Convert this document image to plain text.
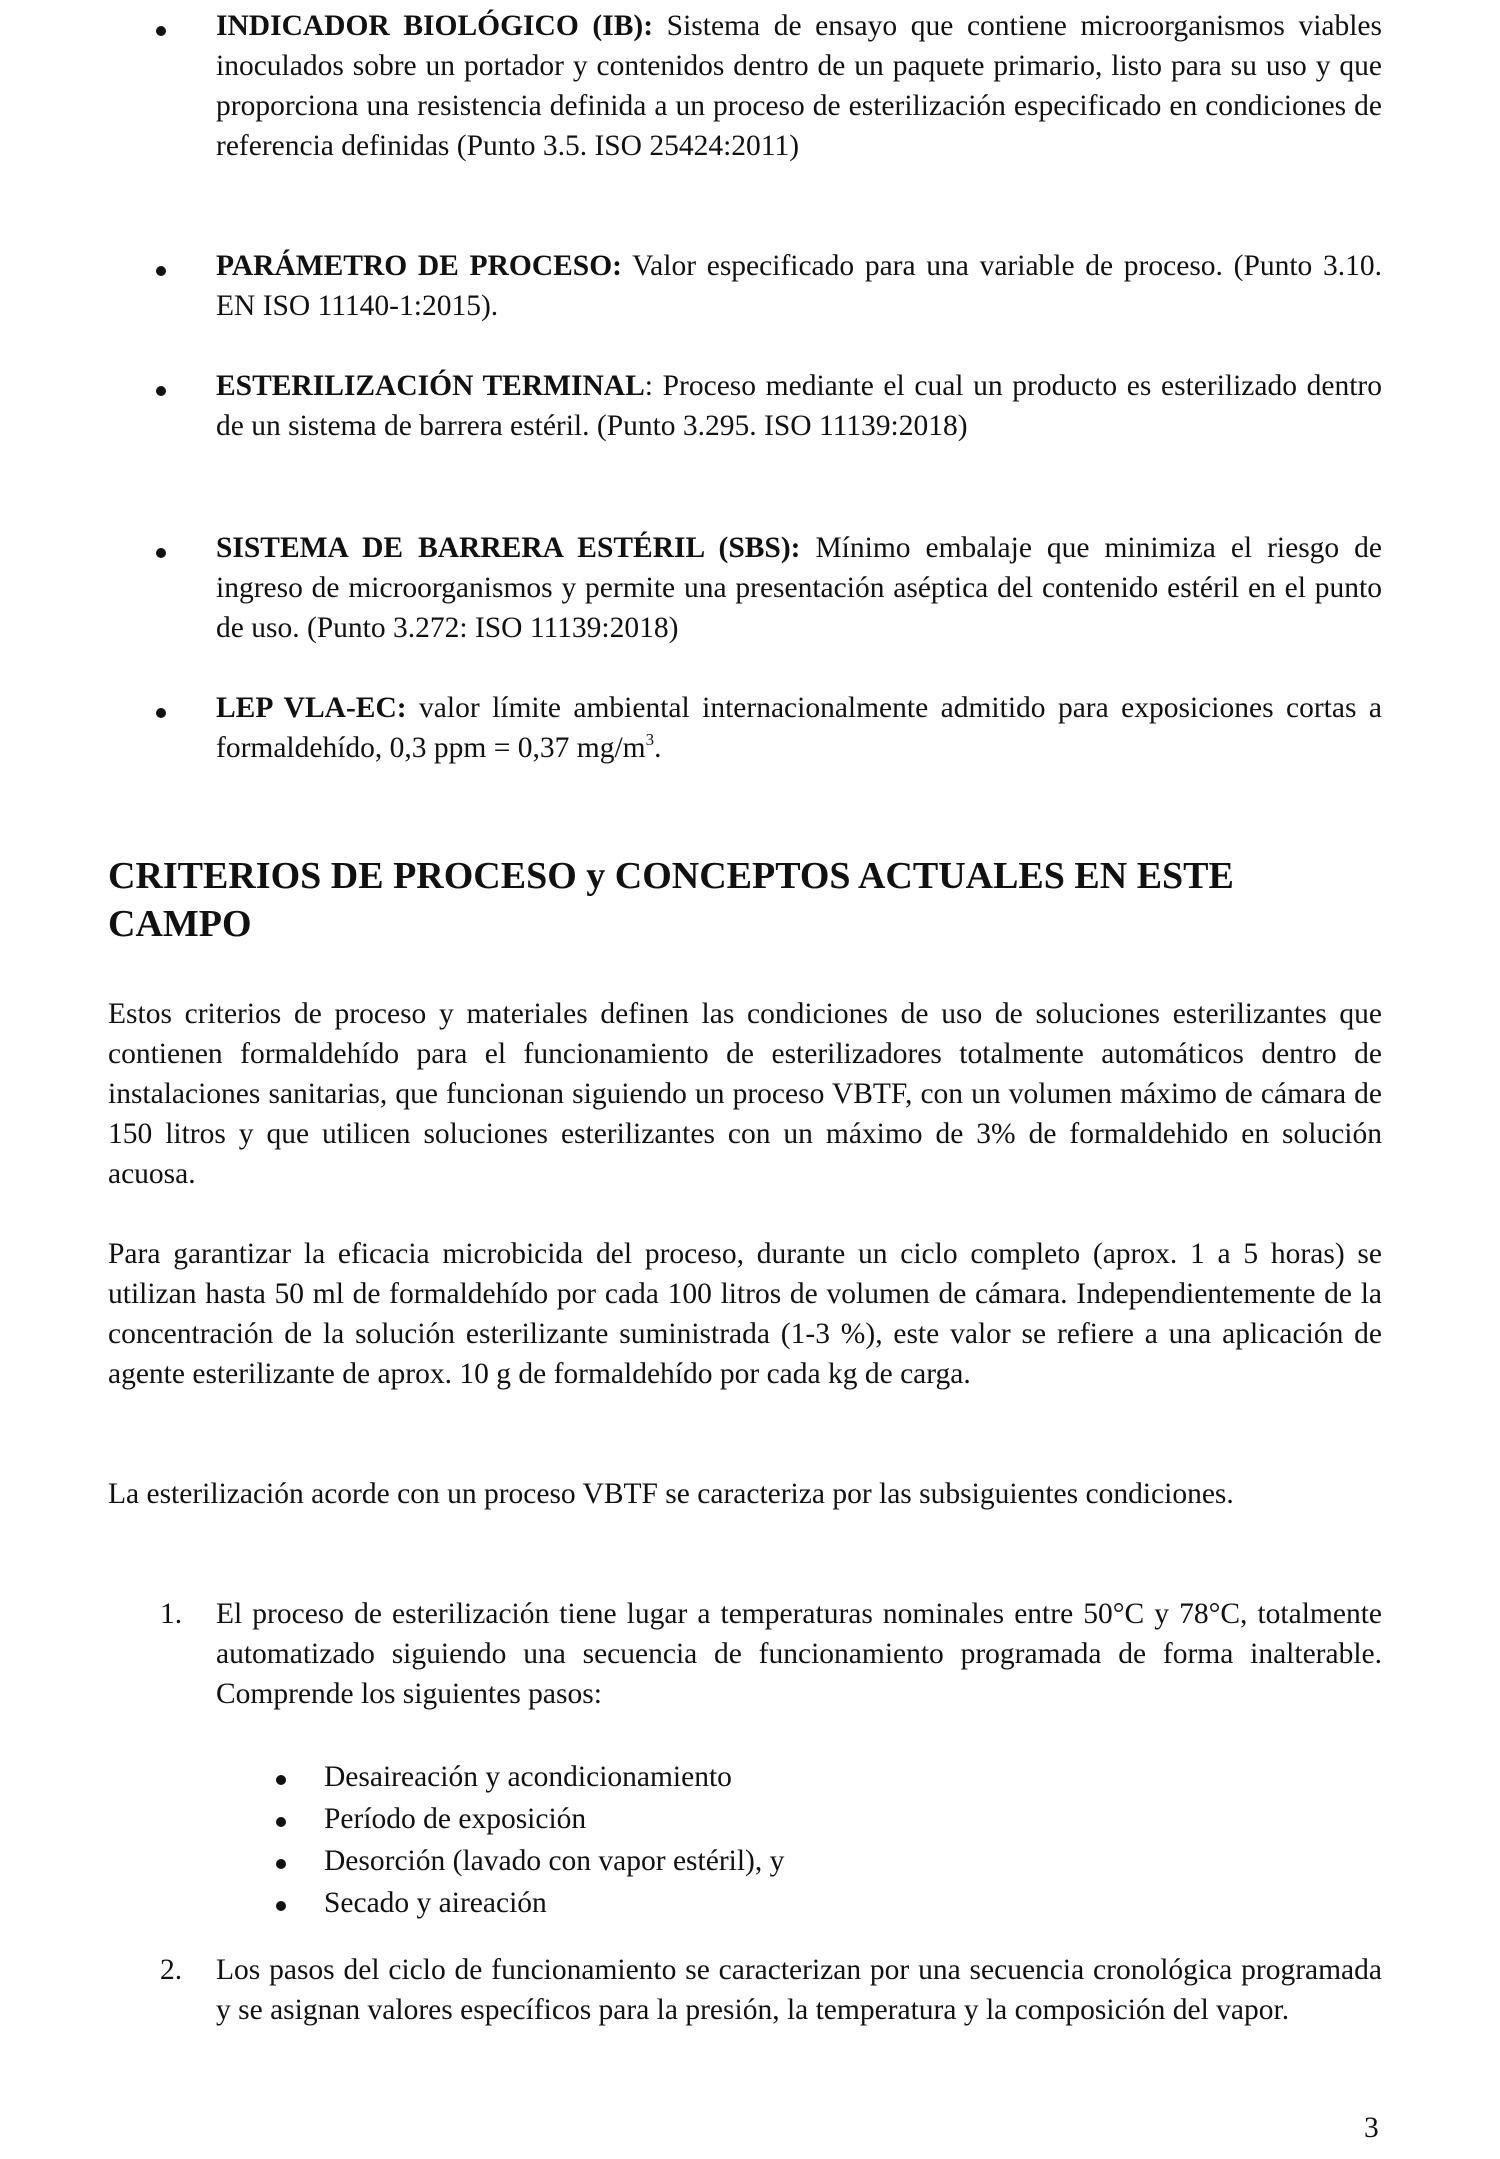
INDICADOR BIOLÓGICO (IB): Sistema de ensayo que contiene microorganismos viables inoculados sobre un portador y contenidos dentro de un paquete primario, listo para su uso y que proporciona una resistencia definida a un proceso de esterilización especificado en condiciones de referencia definidas (Punto 3.5. ISO 25424:2011)
PARÁMETRO DE PROCESO: Valor especificado para una variable de proceso. (Punto 3.10. EN ISO 11140-1:2015).
ESTERILIZACIÓN TERMINAL: Proceso mediante el cual un producto es esterilizado dentro de un sistema de barrera estéril. (Punto 3.295. ISO 11139:2018)
SISTEMA DE BARRERA ESTÉRIL (SBS): Mínimo embalaje que minimiza el riesgo de ingreso de microorganismos y permite una presentación aséptica del contenido estéril en el punto de uso. (Punto 3.272: ISO 11139:2018)
LEP VLA-EC: valor límite ambiental internacionalmente admitido para exposiciones cortas a formaldehído, 0,3 ppm = 0,37 $mg/m^3$.
CRITERIOS DE PROCESO y CONCEPTOS ACTUALES EN ESTE CAMPO
Estos criterios de proceso y materiales definen las condiciones de uso de soluciones esterilizantes que contienen formaldehído para el funcionamiento de esterilizadores totalmente automáticos dentro de instalaciones sanitarias, que funcionan siguiendo un proceso VBTF, con un volumen máximo de cámara de 150 litros y que utilicen soluciones esterilizantes con un máximo de 3% de formaldehido en solución acuosa.
Para garantizar la eficacia microbicida del proceso, durante un ciclo completo (aprox. 1 a 5 horas) se utilizan hasta 50 ml de formaldehído por cada 100 litros de volumen de cámara. Independientemente de la concentración de la solución esterilizante suministrada (1-3 %), este valor se refiere a una aplicación de agente esterilizante de aprox. 10 g de formaldehído por cada kg de carga.
La esterilización acorde con un proceso VBTF se caracteriza por las subsiguientes condiciones.
1.	El proceso de esterilización tiene lugar a temperaturas nominales entre 50°C y 78°C, totalmente automatizado siguiendo una secuencia de funcionamiento programada de forma inalterable. Comprende los siguientes pasos:
Desaireación y acondicionamiento
Período de exposición
Desorción (lavado con vapor estéril), y
Secado y aireación
2.	Los pasos del ciclo de funcionamiento se caracterizan por una secuencia cronológica programada y se asignan valores específicos para la presión, la temperatura y la composición del vapor.
3
